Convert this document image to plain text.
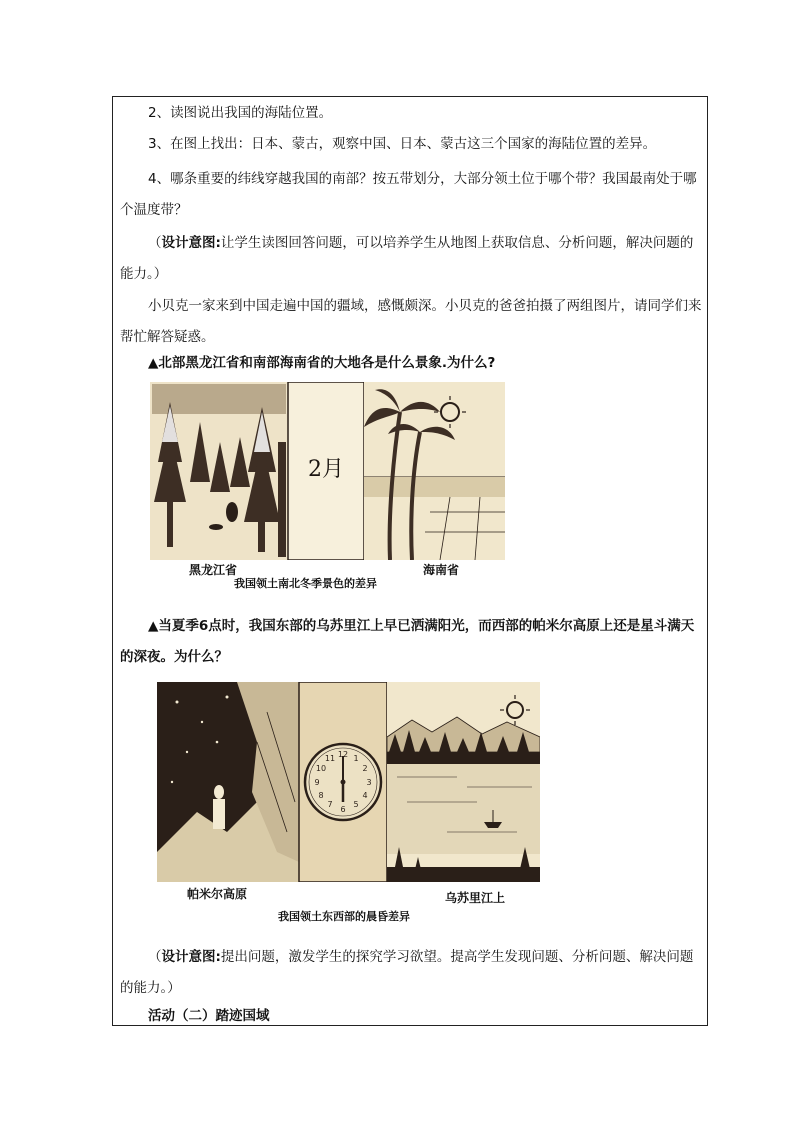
2、读图说出我国的海陆位置。

3、在图上找出：日本、蒙古，观察中国、日本、蒙古这三个国家的海陆位置的差异。

4、哪条重要的纬线穿越我国的南部？按五带划分，大部分领土位于哪个带？我国最南处于哪个温度带？

（设计意图:让学生读图回答问题，可以培养学生从地图上获取信息、分析问题，解决问题的能力。）

小贝克一家来到中国走遍中国的疆域，感慨颇深。小贝克的爸爸拍摄了两组图片，请同学们来帮忙解答疑惑。

▲北部黑龙江省和南部海南省的大地各是什么景象.为什么?

2月
黑龙江省	海南省
我国领土南北冬季景色的差异

▲当夏季6点时，我国东部的乌苏里江上早已洒满阳光，而西部的帕米尔高原上还是星斗满天的深夜。为什么？

12 1
2
3
4
5
6
7
8
9
10
11
帕米尔高原	乌苏里江上
我国领土东西部的晨昏差异

（设计意图:提出问题，激发学生的探究学习欲望。提高学生发现问题、分析问题、解决问题的能力。）

活动（二）踏迹国域
